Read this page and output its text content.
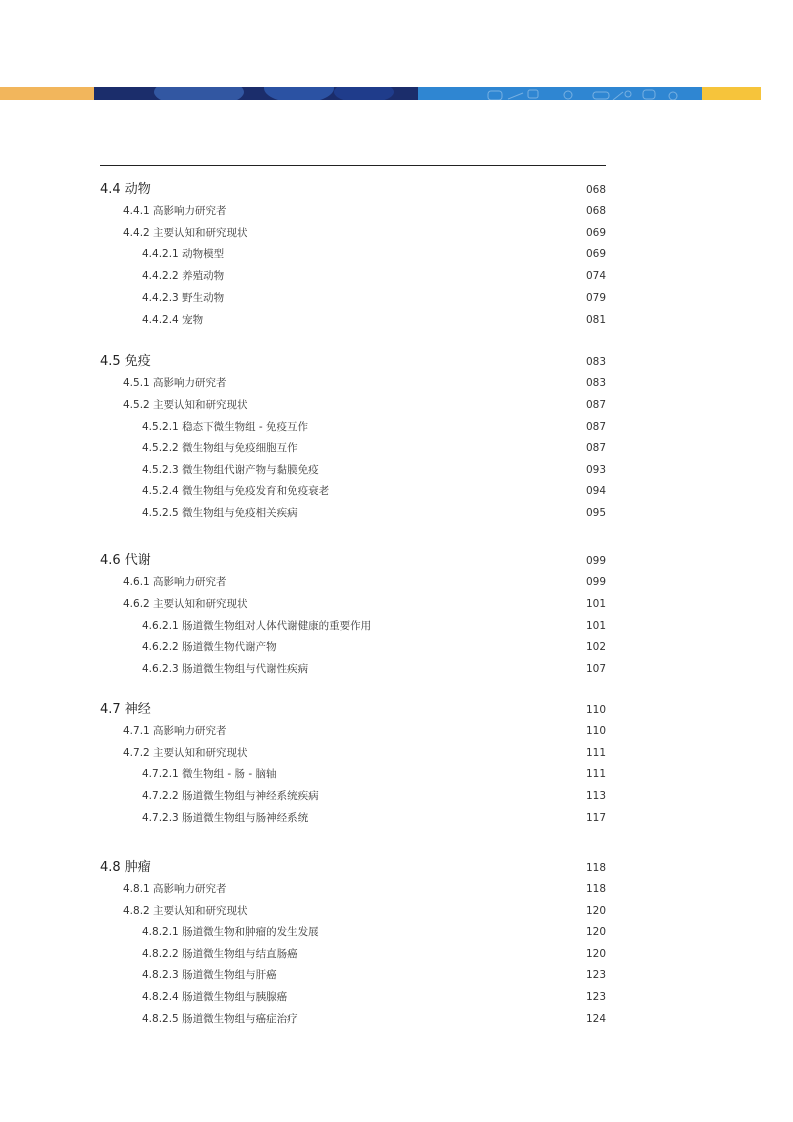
4.4 动物	068
4.4.1 高影响力研究者	068
4.4.2 主要认知和研究现状	069
4.4.2.1 动物模型	069
4.4.2.2 养殖动物	074
4.4.2.3 野生动物	079
4.4.2.4 宠物	081
4.5 免疫	083
4.5.1 高影响力研究者	083
4.5.2 主要认知和研究现状	087
4.5.2.1 稳态下微生物组 - 免疫互作	087
4.5.2.2 微生物组与免疫细胞互作	087
4.5.2.3 微生物组代谢产物与黏膜免疫	093
4.5.2.4 微生物组与免疫发育和免疫衰老	094
4.5.2.5 微生物组与免疫相关疾病	095
4.6 代谢	099
4.6.1 高影响力研究者	099
4.6.2 主要认知和研究现状	101
4.6.2.1 肠道微生物组对人体代谢健康的重要作用	101
4.6.2.2 肠道微生物代谢产物	102
4.6.2.3 肠道微生物组与代谢性疾病	107
4.7 神经	110
4.7.1 高影响力研究者	110
4.7.2 主要认知和研究现状	111
4.7.2.1 微生物组 - 肠 - 脑轴	111
4.7.2.2 肠道微生物组与神经系统疾病	113
4.7.2.3 肠道微生物组与肠神经系统	117
4.8 肿瘤	118
4.8.1 高影响力研究者	118
4.8.2 主要认知和研究现状	120
4.8.2.1 肠道微生物和肿瘤的发生发展	120
4.8.2.2 肠道微生物组与结直肠癌	120
4.8.2.3 肠道微生物组与肝癌	123
4.8.2.4 肠道微生物组与胰腺癌	123
4.8.2.5 肠道微生物组与癌症治疗	124
